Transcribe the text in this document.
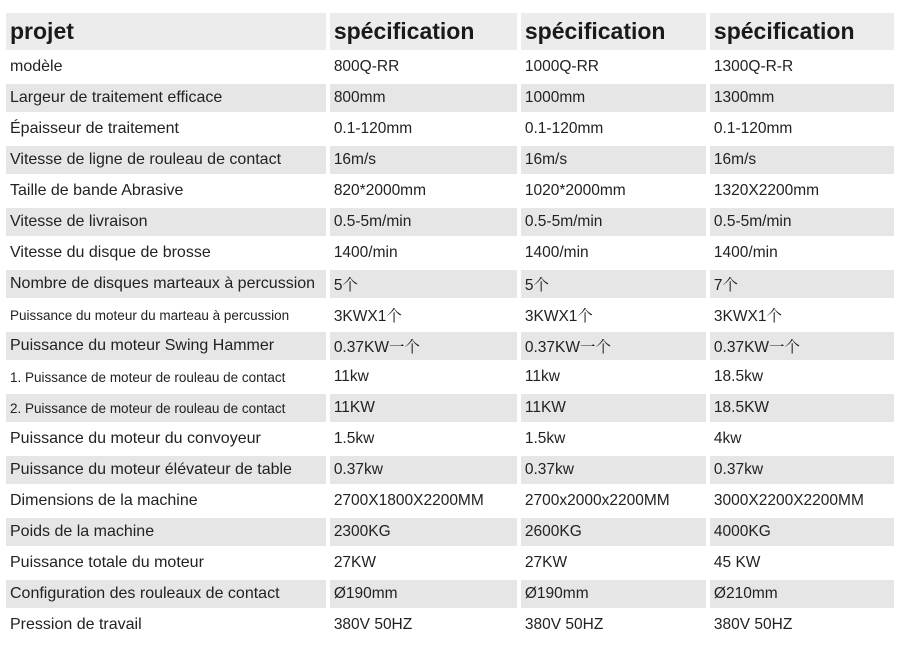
projet	spécification	spécification	spécification
modèle	800Q-RR	1000Q-RR	1300Q-R-R
Largeur de traitement efficace	800mm	1000mm	1300mm
Épaisseur de traitement	0.1-120mm	0.1-120mm	0.1-120mm
Vitesse de ligne de rouleau de contact	16m/s	16m/s	16m/s
Taille de bande Abrasive	820*2000mm	1020*2000mm	1320X2200mm
Vitesse de livraison	0.5-5m/min	0.5-5m/min	0.5-5m/min
Vitesse du disque de brosse	1400/min	1400/min	1400/min
Nombre de disques marteaux à percussion	5个	5个	7个
Puissance du moteur du marteau à percussion	3KWX1个	3KWX1个	3KWX1个
Puissance du moteur Swing Hammer	0.37KW一个	0.37KW一个	0.37KW一个
1. Puissance de moteur de rouleau de contact	11kw	11kw	18.5kw
2. Puissance de moteur de rouleau de contact	11KW	11KW	18.5KW
Puissance du moteur du convoyeur	1.5kw	1.5kw	4kw
Puissance du moteur élévateur de table	0.37kw	0.37kw	0.37kw
Dimensions de la machine	2700X1800X2200MM	2700x2000x2200MM	3000X2200X2200MM
Poids de la machine	2300KG	2600KG	4000KG
Puissance totale du moteur	27KW	27KW	45 KW
Configuration des rouleaux de contact	Ø190mm	Ø190mm	Ø210mm
Pression de travail	380V 50HZ	380V 50HZ	380V 50HZ
